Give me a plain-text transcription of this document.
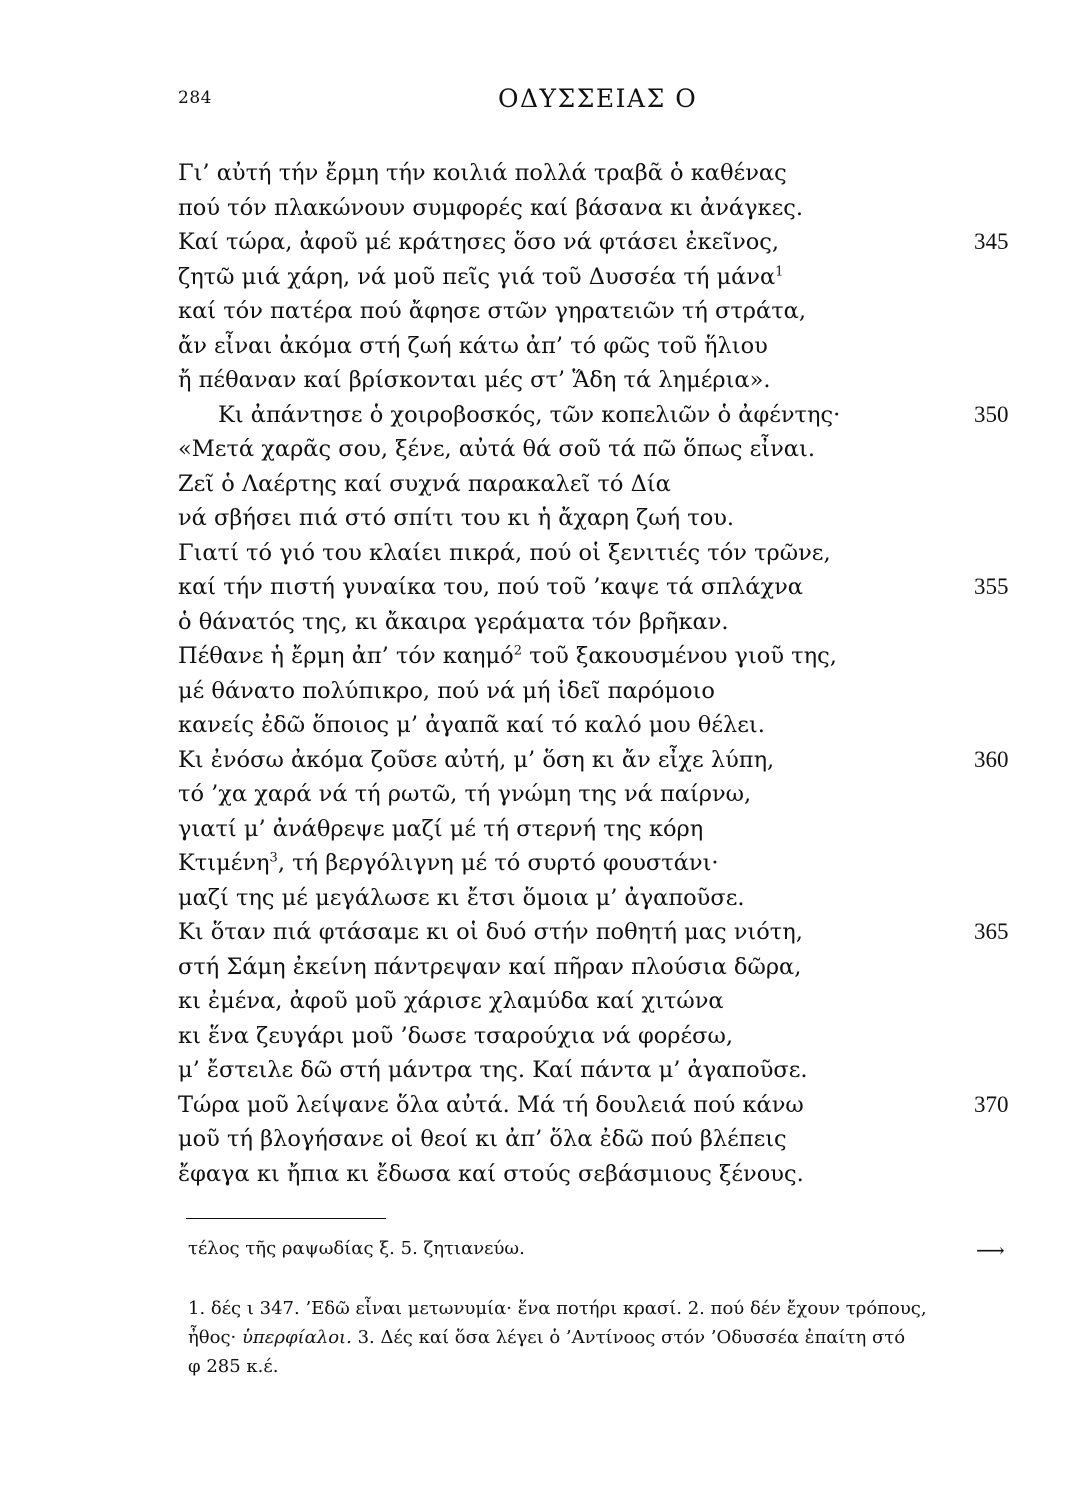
284	ΟΔΥΣΣΕΙΑΣ Ο
Γι’ αὐτή τήν ἔρμη τήν κοιλιά πολλά τραβᾶ ὁ καθένας
πού τόν πλακώνουν συμφορές καί βάσανα κι ἀνάγκες.
Καί τώρα, ἀφοῦ μέ κράτησες ὅσο νά φτάσει ἐκεῖνος,	345
ζητῶ μιά χάρη, νά μοῦ πεῖς γιά τοῦ Δυσσέα τή μάνα$^1$
καί τόν πατέρα πού ἄφησε στῶν γηρατειῶν τή στράτα,
ἄν εἶναι ἀκόμα στή ζωή κάτω ἀπ’ τό φῶς τοῦ ἥλιου
ἤ πέθαναν καί βρίσκονται μές στ’ Ἅδη τά λημέρια».
Κι ἀπάντησε ὁ χοιροβοσκός, τῶν κοπελιῶν ὁ ἀφέντης·	350
«Μετά χαρᾶς σου, ξένε, αὐτά θά σοῦ τά πῶ ὅπως εἶναι.
Ζεῖ ὁ Λαέρτης καί συχνά παρακαλεῖ τό Δία
νά σβήσει πιά στό σπίτι του κι ἡ ἄχαρη ζωή του.
Γιατί τό γιό του κλαίει πικρά, πού οἱ ξενιτιές τόν τρῶνε,
καί τήν πιστή γυναίκα του, πού τοῦ ’καψε τά σπλάχνα	355
ὁ θάνατός της, κι ἄκαιρα γεράματα τόν βρῆκαν.
Πέθανε ἡ ἔρμη ἀπ’ τόν καημό$^2$ τοῦ ξακουσμένου γιοῦ της,
μέ θάνατο πολύπικρο, πού νά μή ἰδεῖ παρόμοιο
κανείς ἐδῶ ὅποιος μ’ ἀγαπᾶ καί τό καλό μου θέλει.
Κι ἐνόσω ἀκόμα ζοῦσε αὐτή, μ’ ὅση κι ἄν εἶχε λύπη,	360
τό ’χα χαρά νά τή ρωτῶ, τή γνώμη της νά παίρνω,
γιατί μ’ ἀνάθρεψε μαζί μέ τή στερνή της κόρη
Κτιμένη$^3$, τή βεργόλιγνη μέ τό συρτό φουστάνι·
μαζί της μέ μεγάλωσε κι ἔτσι ὅμοια μ’ ἀγαποῦσε.
Κι ὅταν πιά φτάσαμε κι οἱ δυό στήν ποθητή μας νιότη,	365
στή Σάμη ἐκείνη πάντρεψαν καί πῆραν πλούσια δῶρα,
κι ἐμένα, ἀφοῦ μοῦ χάρισε χλαμύδα καί χιτώνα
κι ἕνα ζευγάρι μοῦ ’δωσε τσαρούχια νά φορέσω,
μ’ ἔστειλε δῶ στή μάντρα της. Καί πάντα μ’ ἀγαποῦσε.
Τώρα μοῦ λείψανε ὅλα αὐτά. Μά τή δουλειά πού κάνω	370
μοῦ τή βλογήσανε οἱ θεοί κι ἀπ’ ὅλα ἐδῶ πού βλέπεις
ἔφαγα κι ἤπια κι ἔδωσα καί στούς σεβάσμιους ξένους.
τέλος τῆς ραψωδίας ξ. 5. ζητιανεύω.	⟶
1. δές ι 347. ’Εδῶ εἶναι μετωνυμία· ἕνα ποτήρι κρασί. 2. πού δέν ἔχουν τρόπους,
ἦθος· ὑπερφίαλοι. 3. Δές καί ὅσα λέγει ὁ ’Αντίνοος στόν ’Οδυσσέα ἐπαίτη στό
φ 285 κ.έ.
